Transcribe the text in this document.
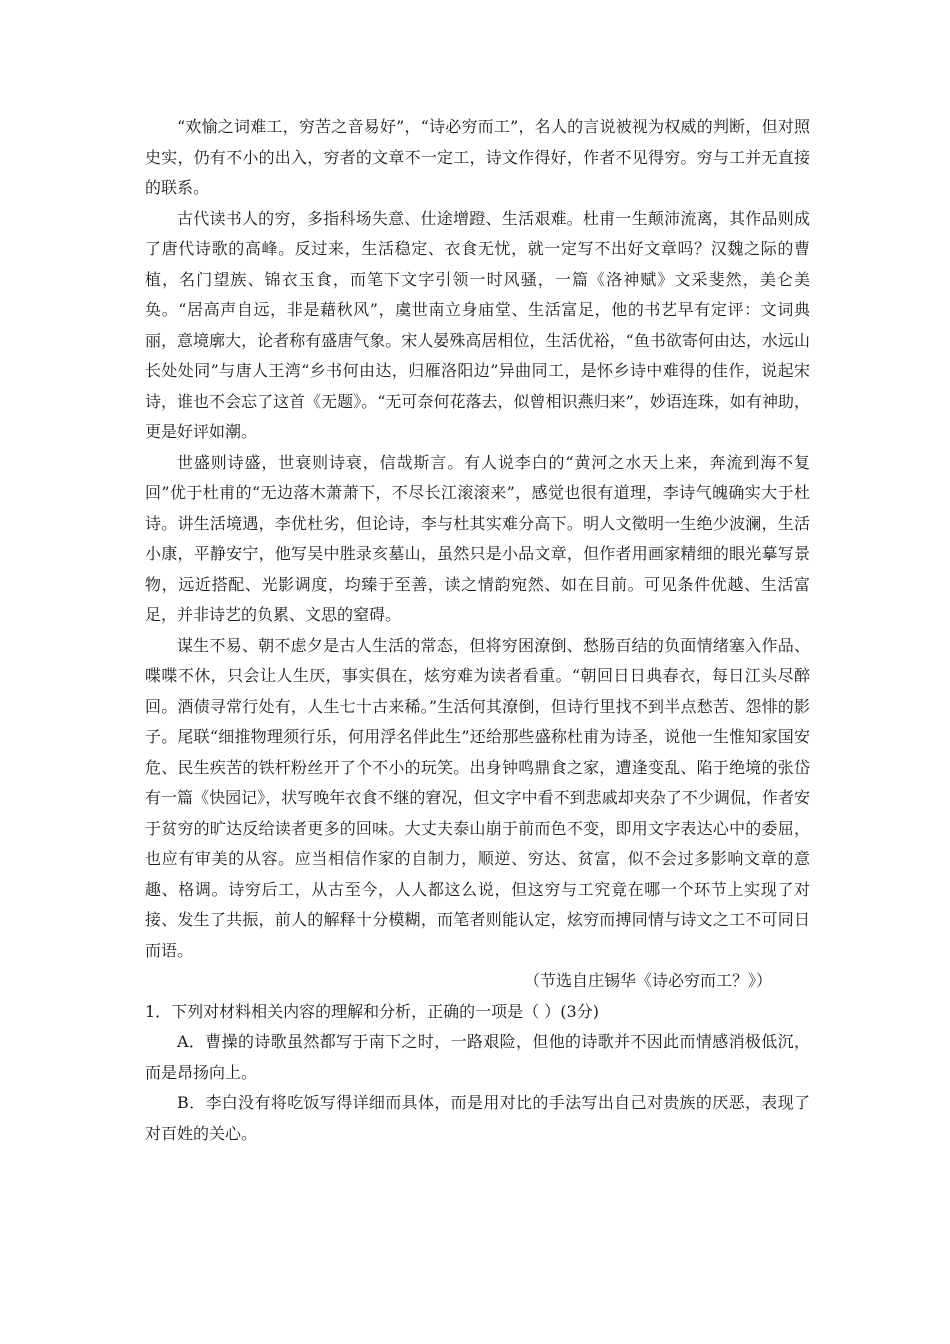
“欢愉之词难工，穷苦之音易好”，“诗必穷而工”，名人的言说被视为权威的判断，但对照史实，仍有不小的出入，穷者的文章不一定工，诗文作得好，作者不见得穷。穷与工并无直接的联系。

古代读书人的穷，多指科场失意、仕途增蹬、生活艰难。杜甫一生颠沛流离，其作品则成了唐代诗歌的高峰。反过来，生活稳定、衣食无忧，就一定写不出好文章吗？汉魏之际的曹植，名门望族、锦衣玉食，而笔下文字引领一时风骚，一篇《洛神赋》文采斐然，美仑美奂。“居高声自远，非是藉秋风”，虞世南立身庙堂、生活富足，他的书艺早有定评：文词典丽，意境廓大，论者称有盛唐气象。宋人晏殊高居相位，生活优裕，“鱼书欲寄何由达，水远山长处处同”与唐人王湾“乡书何由达，归雁洛阳边”异曲同工，是怀乡诗中难得的佳作，说起宋诗，谁也不会忘了这首《无题》。“无可奈何花落去，似曾相识燕归来”，妙语连珠，如有神助，更是好评如潮。

世盛则诗盛，世衰则诗衰，信哉斯言。有人说李白的“黄河之水天上来，奔流到海不复回”优于杜甫的“无边落木萧萧下，不尽长江滚滚来”，感觉也很有道理，李诗气魄确实大于杜诗。讲生活境遇，李优杜劣，但论诗，李与杜其实难分高下。明人文徵明一生绝少波澜，生活小康，平静安宁，他写吴中胜录亥墓山，虽然只是小品文章，但作者用画家精细的眼光摹写景物，远近搭配、光影调度，均臻于至善，读之情韵宛然、如在目前。可见条件优越、生活富足，并非诗艺的负累、文思的窒碍。

谋生不易、朝不虑夕是古人生活的常态，但将穷困潦倒、愁肠百结的负面情绪塞入作品、喋喋不休，只会让人生厌，事实俱在，炫穷难为读者看重。“朝回日日典春衣，每日江头尽醉回。酒债寻常行处有，人生七十古来稀。”生活何其潦倒，但诗行里找不到半点愁苦、怨悱的影子。尾联“细推物理须行乐，何用浮名伴此生”还给那些盛称杜甫为诗圣，说他一生惟知家国安危、民生疾苦的铁杆粉丝开了个不小的玩笑。出身钟鸣鼎食之家，遭逢变乱、陷于绝境的张岱有一篇《快园记》，状写晚年衣食不继的窘况，但文字中看不到悲戚却夹杂了不少调侃，作者安于贫穷的旷达反给读者更多的回味。大丈夫泰山崩于前而色不变，即用文字表达心中的委屈，也应有审美的从容。应当相信作家的自制力，顺逆、穷达、贫富，似不会过多影响文章的意趣、格调。诗穷后工，从古至今，人人都这么说，但这穷与工究竟在哪一个环节上实现了对接、发生了共振，前人的解释十分模糊，而笔者则能认定，炫穷而搏同情与诗文之工不可同日而语。

（节选自庄锡华《诗必穷而工？》）

1．下列对材料相关内容的理解和分析，正确的一项是（ ）(3分)

A．曹操的诗歌虽然都写于南下之时，一路艰险，但他的诗歌并不因此而情感消极低沉，而是昂扬向上。

B．李白没有将吃饭写得详细而具体，而是用对比的手法写出自己对贵族的厌恶，表现了对百姓的关心。
